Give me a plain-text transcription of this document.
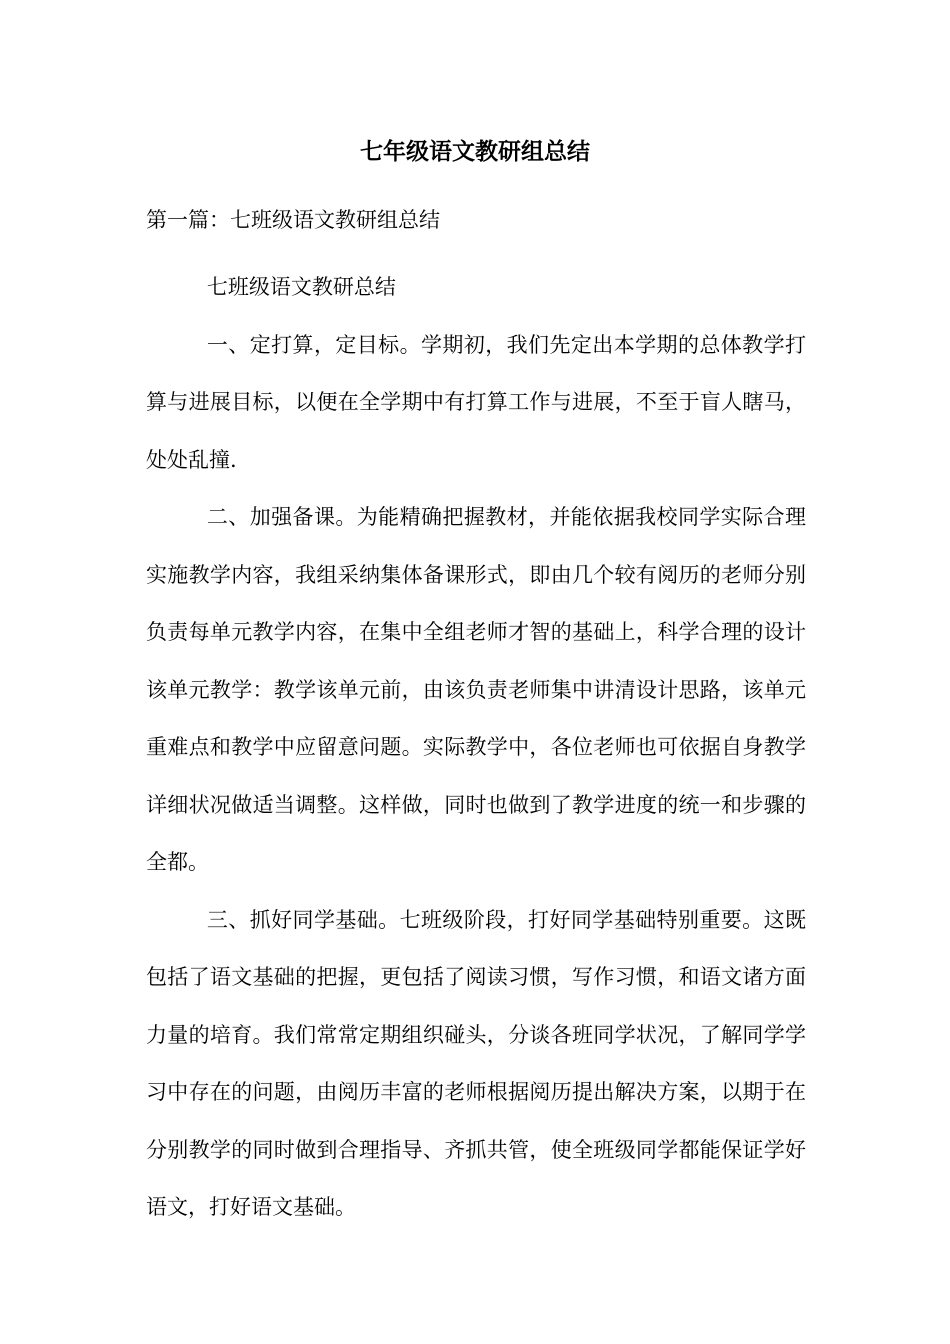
七年级语文教研组总结
第一篇：七班级语文教研组总结

七班级语文教研总结

一、定打算，定目标。学期初，我们先定出本学期的总体教学打算与进展目标，以便在全学期中有打算工作与进展，不至于盲人瞎马，处处乱撞.

二、加强备课。为能精确把握教材，并能依据我校同学实际合理实施教学内容，我组采纳集体备课形式，即由几个较有阅历的老师分别负责每单元教学内容，在集中全组老师才智的基础上，科学合理的设计该单元教学：教学该单元前，由该负责老师集中讲清设计思路，该单元重难点和教学中应留意问题。实际教学中，各位老师也可依据自身教学详细状况做适当调整。这样做，同时也做到了教学进度的统一和步骤的全都。

三、抓好同学基础。七班级阶段，打好同学基础特别重要。这既包括了语文基础的把握，更包括了阅读习惯，写作习惯，和语文诸方面力量的培育。我们常常定期组织碰头，分谈各班同学状况，了解同学学习中存在的问题，由阅历丰富的老师根据阅历提出解决方案，以期于在分别教学的同时做到合理指导、齐抓共管，使全班级同学都能保证学好语文，打好语文基础。
